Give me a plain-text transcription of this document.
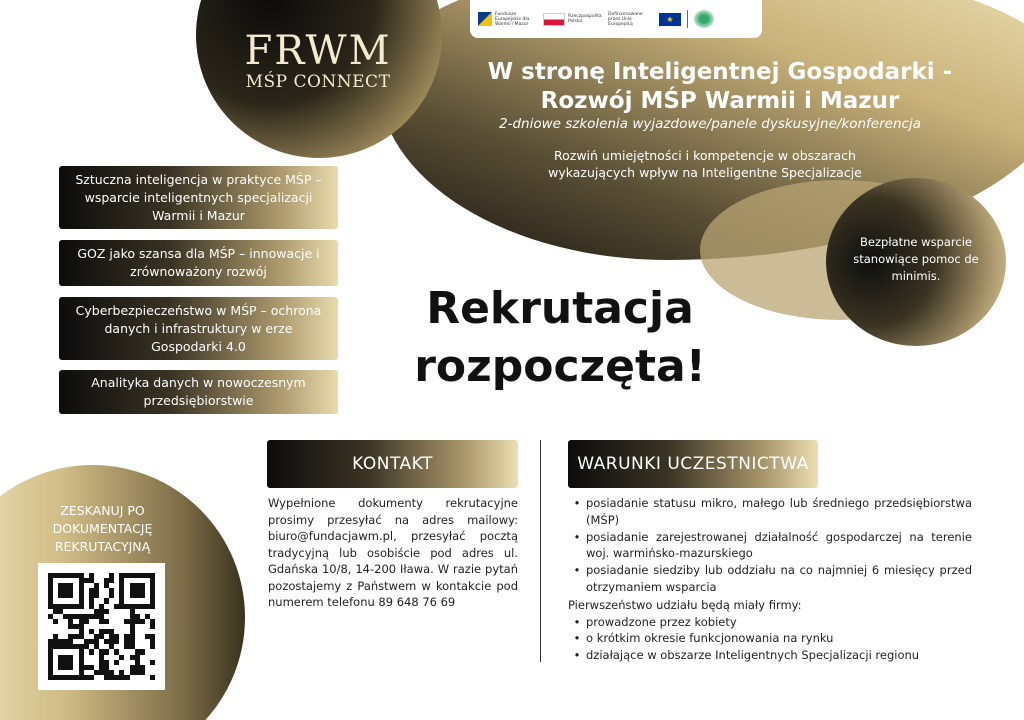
FRWM
MŚP CONNECT
Fundusze Europejskie dla Warmii i Mazur
Rzeczpospolita Polska
Dofinansowane przez Unię Europejską
★
W stronę Inteligentnej Gospodarki - Rozwój MŚP Warmii i Mazur
2-dniowe szkolenia wyjazdowe/panele dyskusyjne/konferencja
Rozwiń umiejętności i kompetencje w obszarach wykazujących wpływ na Inteligentne Specjalizacje
Bezpłatne wsparcie stanowiące pomoc de minimis.
Sztuczna inteligencja w praktyce MŚP – wsparcie inteligentnych specjalizacji Warmii i Mazur
GOZ jako szansa dla MŚP – innowacje i zrównoważony rozwój
Cyberbezpieczeństwo w MŚP – ochrona danych i infrastruktury w erze Gospodarki 4.0
Analityka danych w nowoczesnym przedsiębiorstwie
Rekrutacja rozpoczęta!
KONTAKT
Wypełnione dokumenty rekrutacyjne prosimy przesyłać na adres mailowy: biuro@fundacjawm.pl, przesyłać pocztą tradycyjną lub osobiście pod adres ul. Gdańska 10/8, 14-200 Iława. W razie pytań pozostajemy z Państwem w kontakcie pod numerem telefonu 89 648 76 69
WARUNKI UCZESTNICTWA
• posiadanie statusu mikro, małego lub średniego przedsiębiorstwa (MŚP)
• posiadanie zarejestrowanej działalność gospodarczej na terenie woj. warmińsko-mazurskiego
• posiadanie siedziby lub oddziału na co najmniej 6 miesięcy przed otrzymaniem wsparcia
Pierwszeństwo udziału będą miały firmy:
• prowadzone przez kobiety
• o krótkim okresie funkcjonowania na rynku
• działające w obszarze Inteligentnych Specjalizacji regionu
ZESKANUJ PO DOKUMENTACJĘ REKRUTACYJNĄ
